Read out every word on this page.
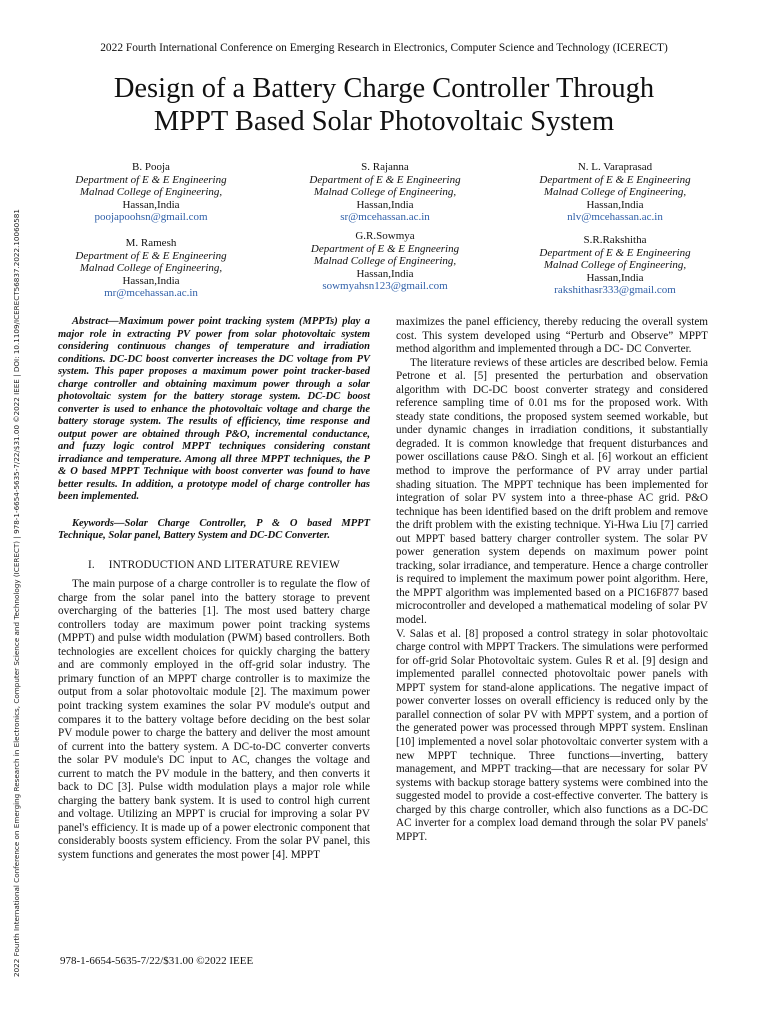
2022 Fourth International Conference on Emerging Research in Electronics, Computer Science and Technology (ICERECT)
Design of a Battery Charge Controller Through
MPPT Based Solar Photovoltaic System
2022 Fourth International Conference on Emerging Research in Electronics, Computer Science and Technology (ICERECT) | 978-1-6654-5635-7/22/$31.00 ©2022 IEEE | DOI: 10.1109/ICERECT56837.2022.10060581
B. Pooja
Department of E & E Engineering
Malnad College of Engineering,
Hassan,India
poojapoohsn@gmail.com
S. Rajanna
Department of E & E Engineering
Malnad College of Engineering,
Hassan,India
sr@mcehassan.ac.in
N. L. Varaprasad
Department of E & E Engineering
Malnad College of Engineering,
Hassan,India
nlv@mcehassan.ac.in
M. Ramesh
Department of E & E Engineering
Malnad College of Engineering,
Hassan,India
mr@mcehassan.ac.in
G.R.Sowmya
Department of E & E Engneering
Malnad College of Engineering,
Hassan,India
sowmyahsn123@gmail.com
S.R.Rakshitha
Department of E & E Engineering
Malnad College of Engineering,
Hassan,India
rakshithasr333@gmail.com

Abstract—Maximum power point tracking system (MPPTs) play a major role in extracting PV power from solar photovoltaic system considering continuous changes of temperature and irradiation conditions. DC-DC boost converter increases the DC voltage from PV system. This paper proposes a maximum power point tracker-based charge controller and obtaining maximum power through a solar photovoltaic system for the battery storage system. DC-DC boost converter is used to enhance the photovoltaic voltage and charge the battery storage system. The results of efficiency, time response and output power are obtained through P&O, incremental conductance, and fuzzy logic control MPPT techniques considering constant irradiance and temperature. Among all three MPPT techniques, the P & O based MPPT Technique with boost converter was found to have better results. In addition, a prototype model of charge controller has been implemented.

Keywords—Solar Charge Controller, P & O based MPPT Technique, Solar panel, Battery System and DC-DC Converter.

I. INTRODUCTION AND LITERATURE REVIEW

The main purpose of a charge controller is to regulate the flow of charge from the solar panel into the battery storage to prevent overcharging of the batteries [1]. The most used battery charge controllers today are maximum power point tracking systems (MPPT) and pulse width modulation (PWM) based controllers. Both technologies are excellent choices for quickly charging the battery and are commonly employed in the off-grid solar industry. The primary function of an MPPT charge controller is to maximize the output from a solar photovoltaic module [2]. The maximum power point tracking system examines the solar PV module's output and compares it to the battery voltage before deciding on the best solar PV module power to charge the battery and deliver the most amount of current into the battery system. A DC-to-DC converter converts the solar PV module's DC input to AC, changes the voltage and current to match the PV module in the battery, and then converts it back to DC [3]. Pulse width modulation plays a major role while charging the battery bank system. It is used to control high current and voltage. Utilizing an MPPT is crucial for improving a solar PV panel's efficiency. It is made up of a power electronic component that considerably boosts system efficiency. From the solar PV panel, this system functions and generates the most power [4]. MPPT

maximizes the panel efficiency, thereby reducing the overall system cost. This system developed using “Perturb and Observe” MPPT method algorithm and implemented through a DC- DC Converter.

The literature reviews of these articles are described below. Femia Petrone et al. [5] presented the perturbation and observation algorithm with DC-DC boost converter strategy and considered reference sampling time of 0.01 ms for the proposed work. With steady state conditions, the proposed system seemed workable, but under dynamic changes in irradiation conditions, it substantially degraded. It is common knowledge that frequent disturbances and power oscillations cause P&O. Singh et al. [6] workout an efficient method to improve the performance of PV array under partial shading situation. The MPPT technique has been implemented for integration of solar PV system into a three-phase AC grid. P&O technique has been identified based on the drift problem and remove the drift problem with the existing technique. Yi-Hwa Liu [7] carried out MPPT based battery charger controller system. The solar PV power generation system depends on maximum power point tracking, solar irradiance, and temperature. Hence a charge controller is required to implement the maximum power point algorithm. Here, the MPPT algorithm was implemented based on a PIC16F877 based microcontroller and developed a mathematical modeling of solar PV model.

V. Salas et al. [8] proposed a control strategy in solar photovoltaic charge control with MPPT Trackers. The simulations were performed for off-grid Solar Photovoltaic system. Gules R et al. [9] design and implemented parallel connected photovoltaic power panels with MPPT system for stand-alone applications. The negative impact of power converter losses on overall efficiency is reduced only by the parallel connection of solar PV with MPPT system, and a portion of the generated power was processed through MPPT system. Enslinan [10] implemented a novel solar photovoltaic converter system with a new MPPT technique. Three functions—inverting, battery management, and MPPT tracking—that are necessary for solar PV systems with backup storage battery systems were combined into the suggested model to provide a cost-effective converter. The battery is charged by this charge controller, which also functions as a DC-DC AC inverter for a complex load demand through the solar PV panels' MPPT.

978-1-6654-5635-7/22/$31.00 ©2022 IEEE
